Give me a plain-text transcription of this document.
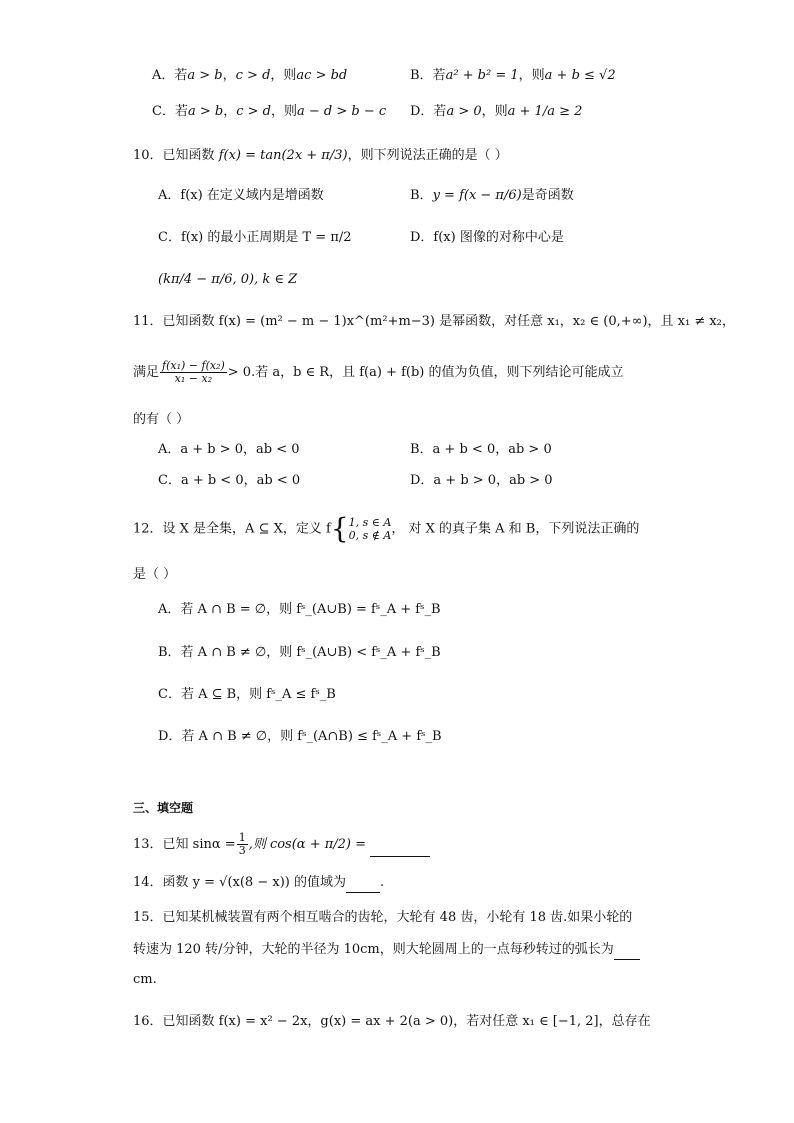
A．若a > b，c > d，则ac > bd	B．若a² + b² = 1，则a + b ≤ √2
C．若a > b，c > d，则a − d > b − c D．若a > 0，则a + 1/a ≥ 2
10．已知函数 f(x) = tan(2x + π/3)，则下列说法正确的是（ ）
A．f(x) 在定义域内是增函数	B．y = f(x − π/6)是奇函数
C．f(x) 的最小正周期是 T = π/2	D．f(x) 图像的对称中心是
(kπ/4 − π/6, 0), k ∈ Z
11．已知函数 f(x) = (m² − m − 1)x^(m²+m−3) 是幂函数，对任意 x₁，x₂ ∈ (0,+∞)，且 x₁ ≠ x₂，
满足 $\frac{\text{f(x₁) − f(x₂)}}{\text{x₁ − x₂}} > 0$.若 a，b ∈ R，且 f(a) + f(b) 的值为负值，则下列结论可能成立
的有（ ）
A．a + b > 0，ab < 0	B．a + b < 0，ab > 0
C．a + b < 0，ab < 0	D．a + b > 0，ab > 0
12．设 X 是全集，A ⊆ X，定义 f{ 1, s ∈ A
0, s ∉ A ， 对 X 的真子集 A 和 B，下列说法正确的
是（ ）
A．若 A ∩ B = ∅，则 fˢ_(A∪B) = fˢ_A + fˢ_B
B．若 A ∩ B ≠ ∅，则 fˢ_(A∪B) < fˢ_A + fˢ_B
C．若 A ⊆ B，则 fˢ_A ≤ fˢ_B
D．若 A ∩ B ≠ ∅，则 fˢ_(A∩B) ≤ fˢ_A + fˢ_B
三、填空题
13．已知 $\sin\alpha = \frac{1}{3}$ ,则 cos(α + π/2) =
14．函数 y = √(x(8 − x)) 的值域为	.
15．已知某机械装置有两个相互啮合的齿轮，大轮有 48 齿，小轮有 18 齿.如果小轮的
转速为 120 转/分钟，大轮的半径为 10cm，则大轮圆周上的一点每秒转过的弧长为
cm.
16．已知函数 f(x) = x² − 2x，g(x) = ax + 2(a > 0)，若对任意 x₁ ∈ [−1, 2]，总存在
